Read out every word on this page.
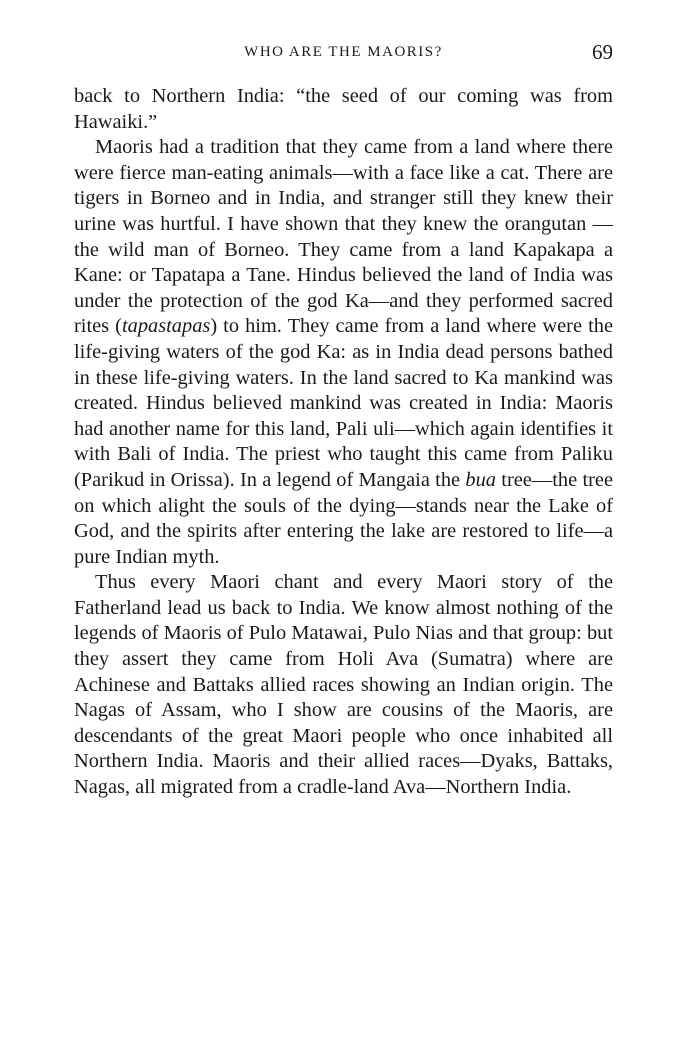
WHO ARE THE MAORIS?	69

back to Northern India: “the seed of our coming was from Hawaiki.”

Maoris had a tradition that they came from a land where there were fierce man-eating animals—with a face like a cat. There are tigers in Borneo and in India, and stranger still they knew their urine was hurtful. I have shown that they knew the orangutan —the wild man of Borneo. They came from a land Kapakapa a Kane: or Tapatapa a Tane. Hindus believed the land of India was under the protection of the god Ka—and they performed sacred rites (tapastapas) to him. They came from a land where were the life-giving waters of the god Ka: as in India dead persons bathed in these life-giving waters. In the land sacred to Ka mankind was created. Hindus believed mankind was created in India: Maoris had another name for this land, Pali uli—which again identifies it with Bali of India. The priest who taught this came from Paliku (Parikud in Orissa). In a legend of Mangaia the bua tree—the tree on which alight the souls of the dying—stands near the Lake of God, and the spirits after entering the lake are restored to life—a pure Indian myth.

Thus every Maori chant and every Maori story of the Fatherland lead us back to India. We know almost nothing of the legends of Maoris of Pulo Matawai, Pulo Nias and that group: but they assert they came from Holi Ava (Sumatra) where are Achinese and Battaks allied races showing an Indian origin. The Nagas of Assam, who I show are cousins of the Maoris, are descendants of the great Maori people who once inhabited all Northern India. Maoris and their allied races—Dyaks, Battaks, Nagas, all migrated from a cradle-land Ava—Northern India.
